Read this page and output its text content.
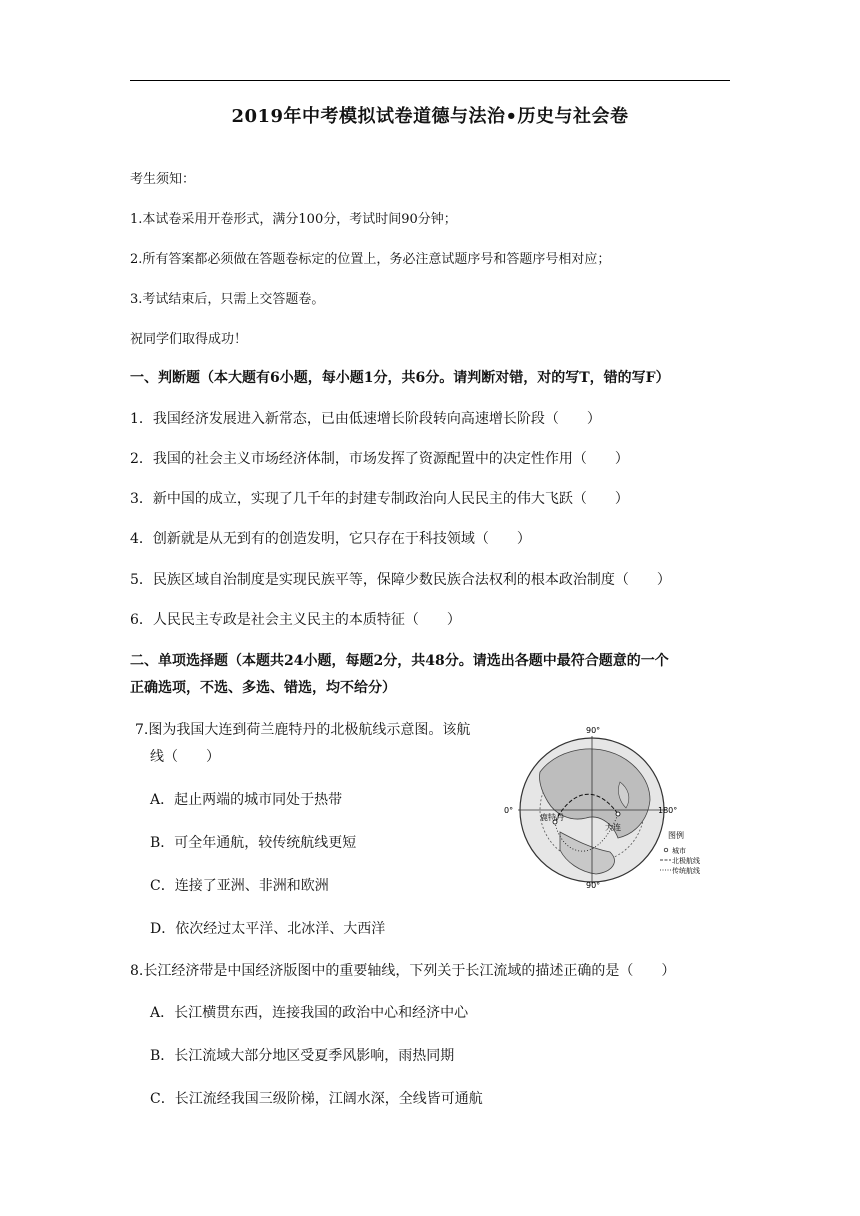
2019年中考模拟试卷道德与法治•历史与社会卷
考生须知：
1.本试卷采用开卷形式，满分100分，考试时间90分钟；
2.所有答案都必须做在答题卷标定的位置上，务必注意试题序号和答题序号相对应；
3.考试结束后，只需上交答题卷。
祝同学们取得成功！
一、判断题（本大题有6小题，每小题1分，共6分。请判断对错，对的写T，错的写F）
1．我国经济发展进入新常态，已由低速增长阶段转向高速增长阶段（　　）
2．我国的社会主义市场经济体制，市场发挥了资源配置中的决定性作用（　　）
3．新中国的成立，实现了几千年的封建专制政治向人民民主的伟大飞跃（　　）
4．创新就是从无到有的创造发明，它只存在于科技领域（　　）
5．民族区域自治制度是实现民族平等，保障少数民族合法权利的根本政治制度（　　）
6．人民民主专政是社会主义民主的本质特征（　　）
二、单项选择题（本题共24小题，每题2分，共48分。请选出各题中最符合题意的一个
正确选项，不选、多选、错选，均不给分）
7.图为我国大连到荷兰鹿特丹的北极航线示意图。该航
线（　　）
A．起止两端的城市同处于热带
B．可全年通航，较传统航线更短
C．连接了亚洲、非洲和欧洲
D．依次经过太平洋、北冰洋、大西洋
90°
90°
0°	180°
鹿特丹
大连
图例
城市
北极航线
传统航线
8.长江经济带是中国经济版图中的重要轴线，下列关于长江流域的描述正确的是（　　）
A．长江横贯东西，连接我国的政治中心和经济中心
B．长江流域大部分地区受夏季风影响，雨热同期
C．长江流经我国三级阶梯，江阔水深，全线皆可通航
